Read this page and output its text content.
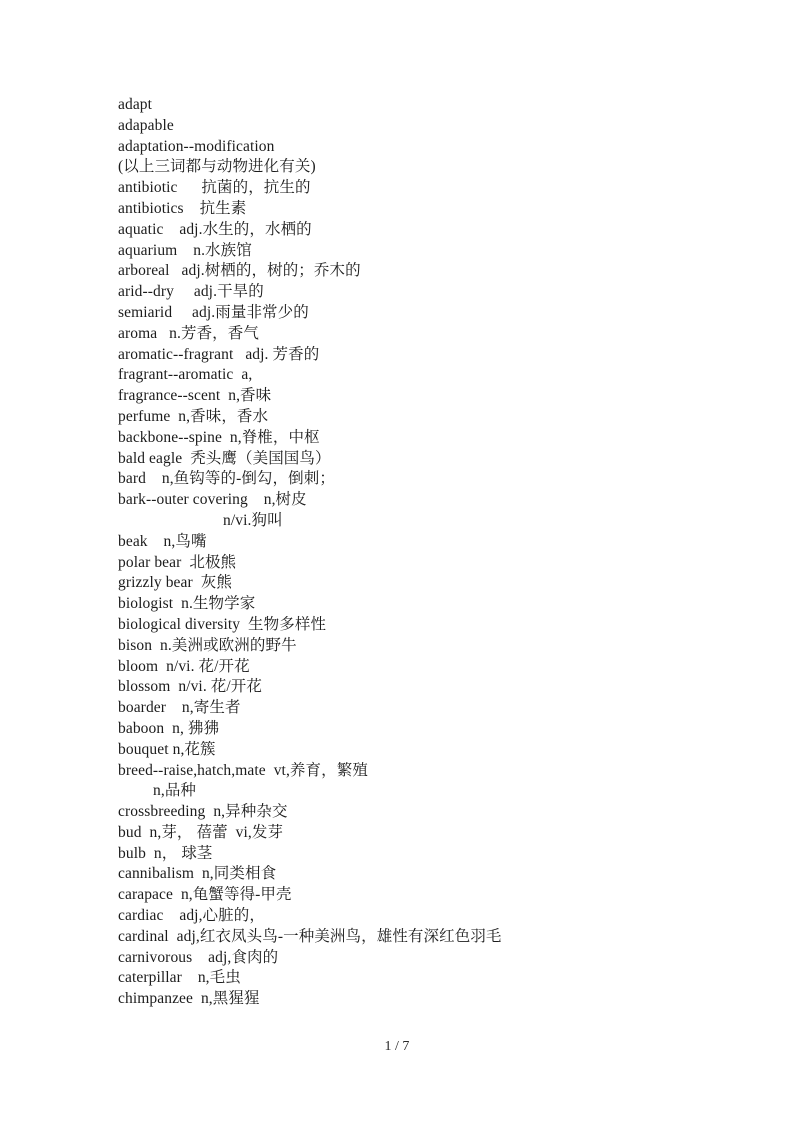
adapt
adapable
adaptation--modification
(以上三词都与动物进化有关)
antibiotic      抗菌的，抗生的
antibiotics    抗生素
aquatic    adj.水生的，水栖的
aquarium    n.水族馆
arboreal   adj.树栖的，树的；乔木的
arid--dry     adj.干旱的
semiarid     adj.雨量非常少的
aroma   n.芳香，香气
aromatic--fragrant   adj. 芳香的
fragrant--aromatic  a,
fragrance--scent  n,香味
perfume  n,香味，香水
backbone--spine  n,脊椎，中枢
bald eagle  秃头鹰（美国国鸟）
bard    n,鱼钩等的-倒勾，倒刺；
bark--outer covering    n,树皮
n/vi.狗叫
beak    n,鸟嘴
polar bear  北极熊
grizzly bear  灰熊
biologist  n.生物学家
biological diversity  生物多样性
bison  n.美洲或欧洲的野牛
bloom  n/vi. 花/开花
blossom  n/vi. 花/开花
boarder    n,寄生者
baboon  n, 狒狒
bouquet n,花簇
breed--raise,hatch,mate  vt,养育，繁殖
n,品种
crossbreeding  n,异种杂交
bud  n,芽， 蓓蕾  vi,发芽
bulb  n， 球茎
cannibalism  n,同类相食
carapace  n,龟蟹等得-甲壳
cardiac    adj,心脏的，
cardinal  adj,红衣凤头鸟-一种美洲鸟，雄性有深红色羽毛
carnivorous    adj,食肉的
caterpillar    n,毛虫
chimpanzee  n,黑猩猩
1 / 7
